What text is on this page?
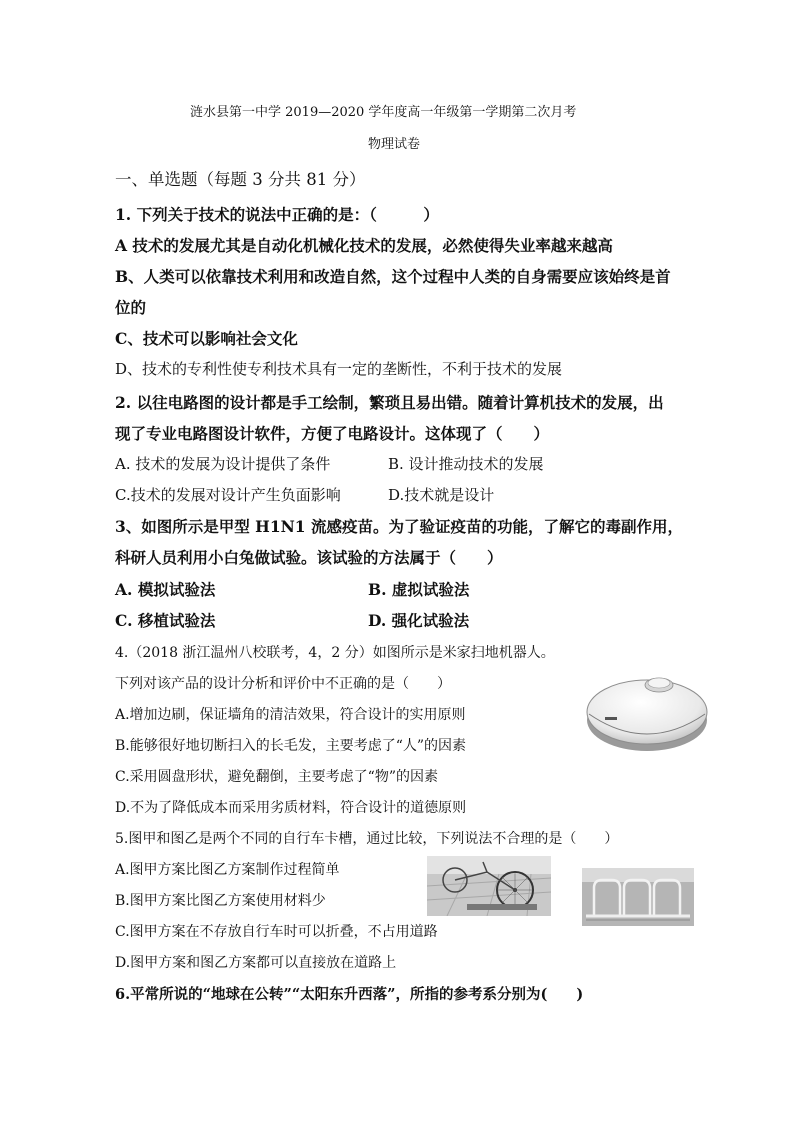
涟水县第一中学 2019—2020 学年度高一年级第一学期第二次月考
物理试卷
一、单选题（每题 3 分共 81 分）
1. 下列关于技术的说法中正确的是：（　　　）
A 技术的发展尤其是自动化机械化技术的发展，必然使得失业率越来越高
B、人类可以依靠技术利用和改造自然，这个过程中人类的自身需要应该始终是首
位的
C、技术可以影响社会文化
D、技术的专利性使专利技术具有一定的垄断性，不利于技术的发展
2. 以往电路图的设计都是手工绘制，繁琐且易出错。随着计算机技术的发展，出
现了专业电路图设计软件，方便了电路设计。这体现了（　　）
A. 技术的发展为设计提供了条件	B. 设计推动技术的发展
C.技术的发展对设计产生负面影响	D.技术就是设计
3、如图所示是甲型 H1N1 流感疫苗。为了验证疫苗的功能，了解它的毒副作用，
科研人员利用小白兔做试验。该试验的方法属于（　　）
A. 模拟试验法	B. 虚拟试验法
C. 移植试验法	D. 强化试验法
4.（2018 浙江温州八校联考，4，2 分）如图所示是米家扫地机器人。
下列对该产品的设计分析和评价中不正确的是（　　）
A.增加边刷，保证墙角的清洁效果，符合设计的实用原则
B.能够很好地切断扫入的长毛发，主要考虑了“人”的因素
C.采用圆盘形状，避免翻倒，主要考虑了“物”的因素
D.不为了降低成本而采用劣质材料，符合设计的道德原则
5.图甲和图乙是两个不同的自行车卡槽，通过比较，下列说法不合理的是（　　）
A.图甲方案比图乙方案制作过程简单
B.图甲方案比图乙方案使用材料少
C.图甲方案在不存放自行车时可以折叠，不占用道路
D.图甲方案和图乙方案都可以直接放在道路上
6.平常所说的“地球在公转”“太阳东升西落”，所指的参考系分别为(　　)
